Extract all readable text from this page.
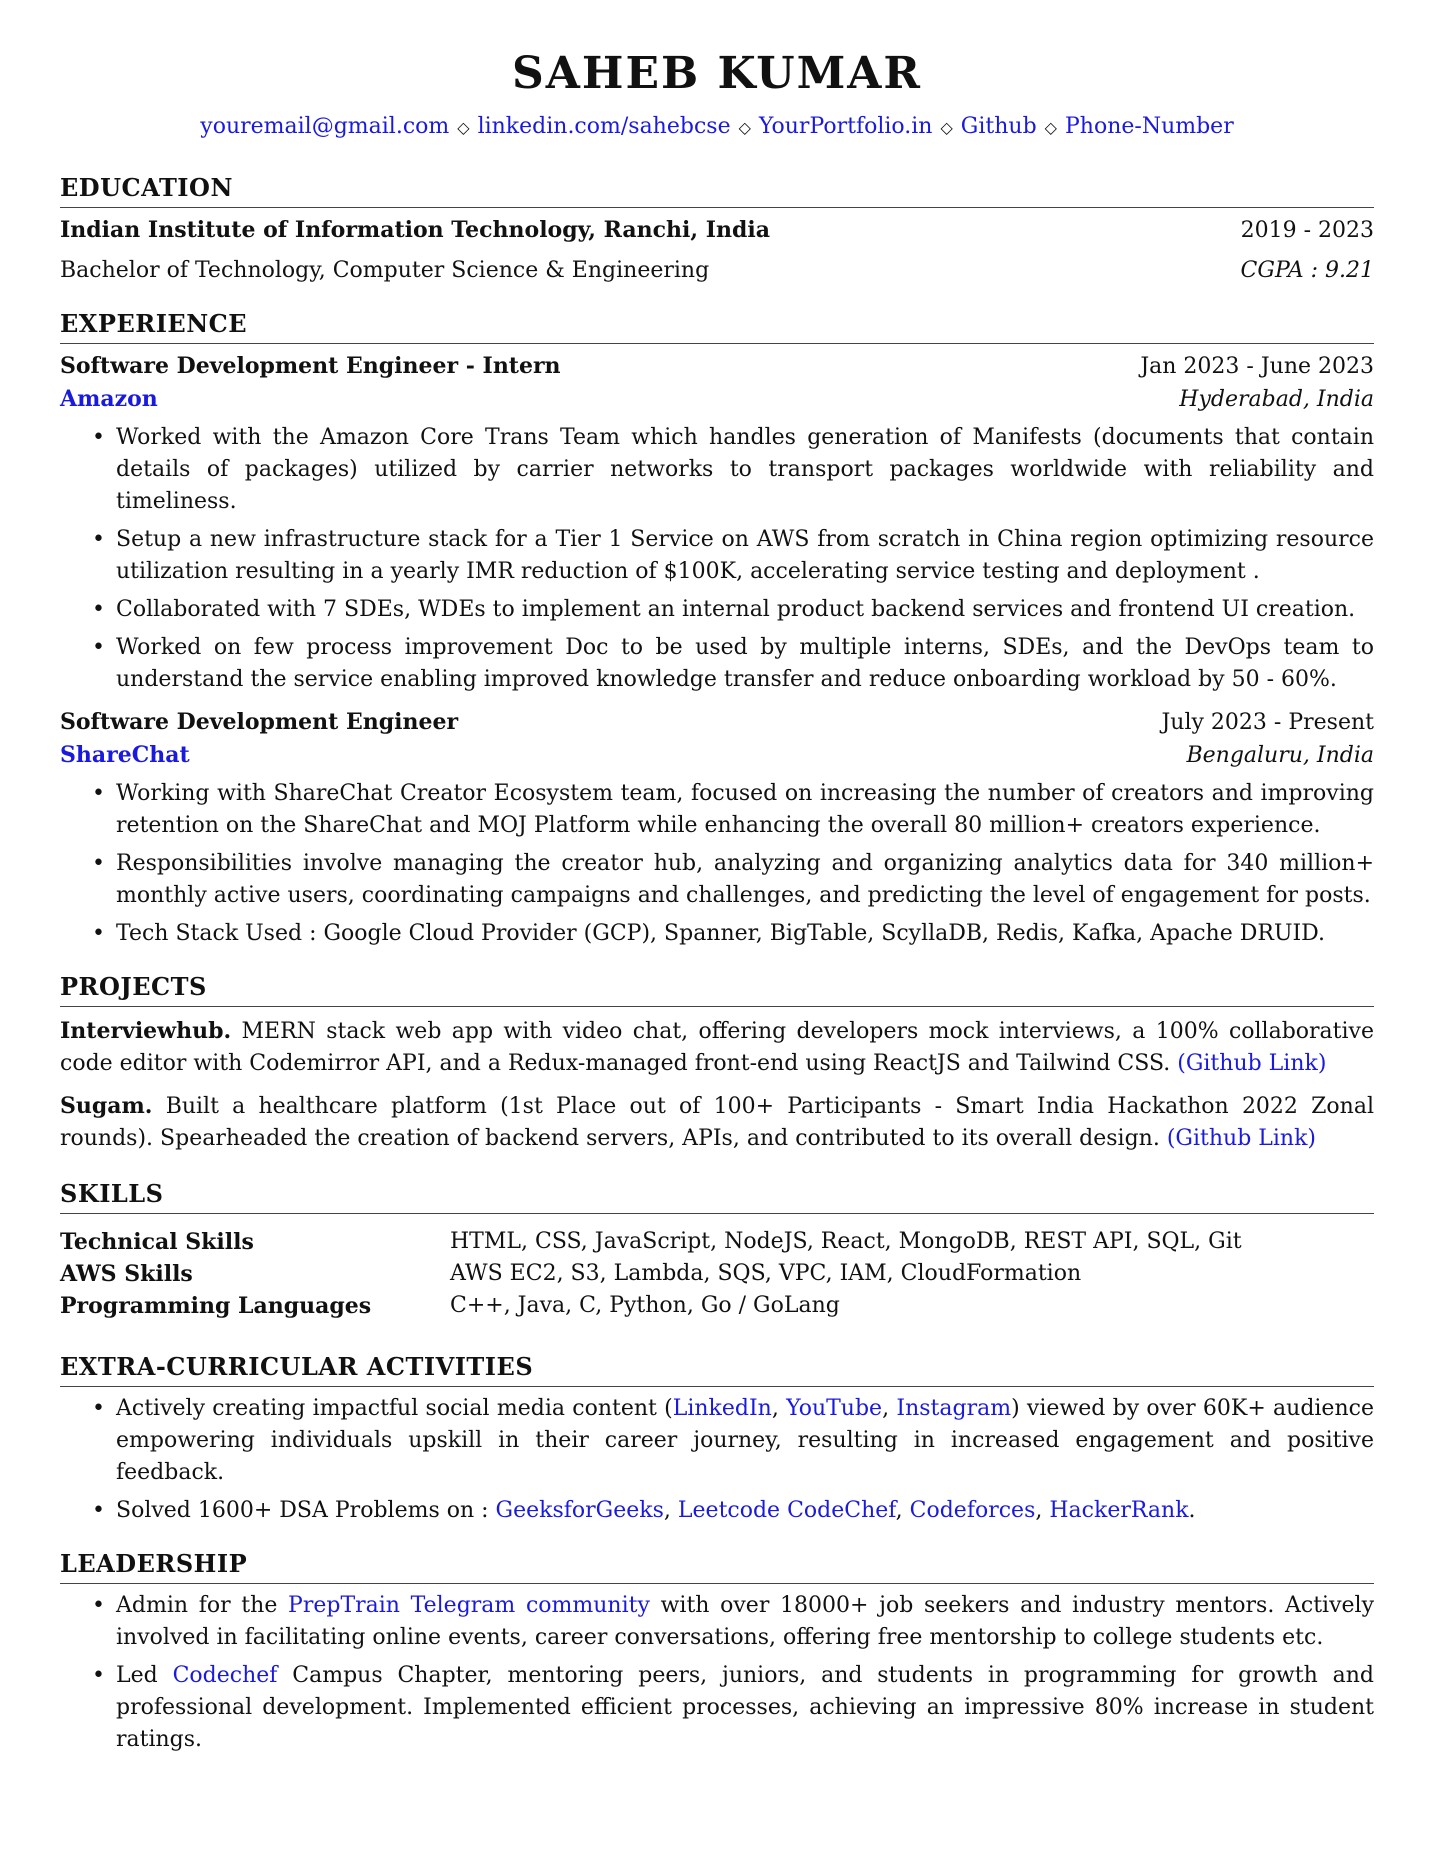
SAHEB KUMAR
youremail@gmail.com ◇ linkedin.com/sahebcse ◇ YourPortfolio.in ◇ Github ◇ Phone-Number
EDUCATION
Indian Institute of Information Technology, Ranchi, India	2019 - 2023
Bachelor of Technology, Computer Science & Engineering	CGPA : 9.21
EXPERIENCE
Software Development Engineer - Intern	Jan 2023 - June 2023
Amazon	Hyderabad, India
• Worked with the Amazon Core Trans Team which handles generation of Manifests (documents that contain details of packages) utilized by carrier networks to transport packages worldwide with reliability and timeliness.
• Setup a new infrastructure stack for a Tier 1 Service on AWS from scratch in China region optimizing resource utilization resulting in a yearly IMR reduction of $100K, accelerating service testing and deployment .
• Collaborated with 7 SDEs, WDEs to implement an internal product backend services and frontend UI creation.
• Worked on few process improvement Doc to be used by multiple interns, SDEs, and the DevOps team to understand the service enabling improved knowledge transfer and reduce onboarding workload by 50 - 60%.
Software Development Engineer	July 2023 - Present
ShareChat	Bengaluru, India
• Working with ShareChat Creator Ecosystem team, focused on increasing the number of creators and improving retention on the ShareChat and MOJ Platform while enhancing the overall 80 million+ creators experience.
• Responsibilities involve managing the creator hub, analyzing and organizing analytics data for 340 million+ monthly active users, coordinating campaigns and challenges, and predicting the level of engagement for posts.
• Tech Stack Used : Google Cloud Provider (GCP), Spanner, BigTable, ScyllaDB, Redis, Kafka, Apache DRUID.
PROJECTS
Interviewhub. MERN stack web app with video chat, offering developers mock interviews, a 100% collaborative code editor with Codemirror API, and a Redux-managed front-end using ReactJS and Tailwind CSS. (Github Link)
Sugam. Built a healthcare platform (1st Place out of 100+ Participants - Smart India Hackathon 2022 Zonal rounds). Spearheaded the creation of backend servers, APIs, and contributed to its overall design. (Github Link)
SKILLS
Technical Skills	HTML, CSS, JavaScript, NodeJS, React, MongoDB, REST API, SQL, Git
AWS Skills	AWS EC2, S3, Lambda, SQS, VPC, IAM, CloudFormation
Programming Languages	C++, Java, C, Python, Go / GoLang
EXTRA-CURRICULAR ACTIVITIES
• Actively creating impactful social media content (LinkedIn, YouTube, Instagram) viewed by over 60K+ audience empowering individuals upskill in their career journey, resulting in increased engagement and positive feedback.
• Solved 1600+ DSA Problems on : GeeksforGeeks, Leetcode CodeChef, Codeforces, HackerRank.
LEADERSHIP
• Admin for the PrepTrain Telegram community with over 18000+ job seekers and industry mentors. Actively involved in facilitating online events, career conversations, offering free mentorship to college students etc.
• Led Codechef Campus Chapter, mentoring peers, juniors, and students in programming for growth and professional development. Implemented efficient processes, achieving an impressive 80% increase in student ratings.
